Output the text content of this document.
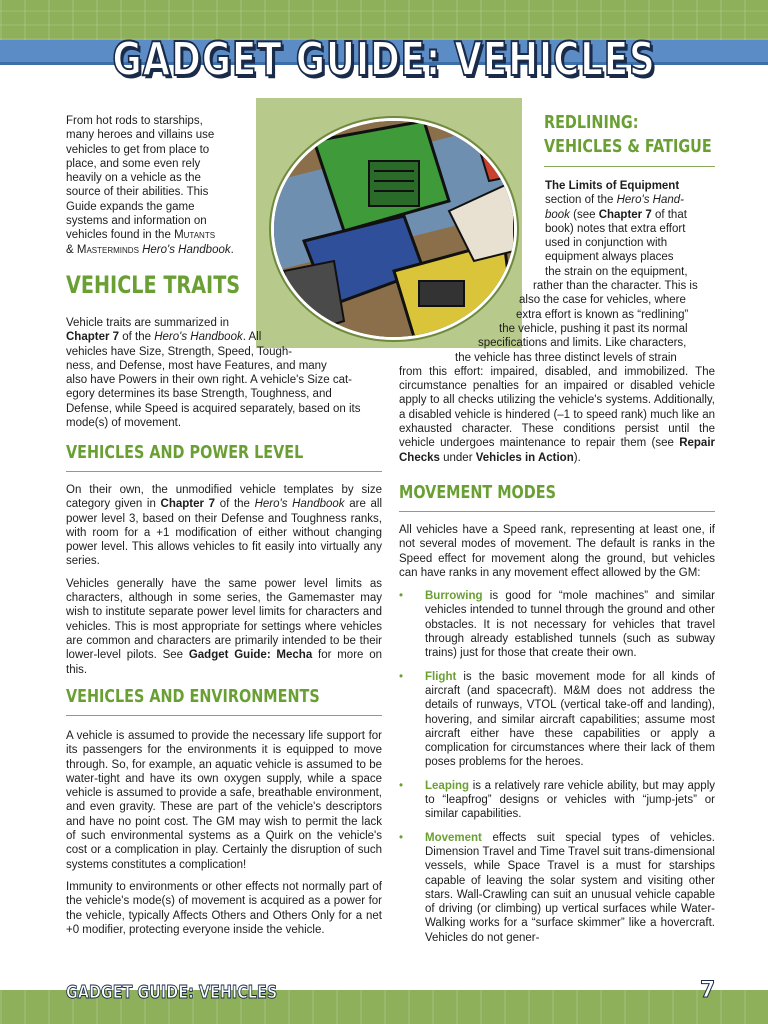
GADGET GUIDE: VEHICLES
From hot rods to starships,
many heroes and villains use
vehicles to get from place to
place, and some even rely
heavily on a vehicle as the
source of their abilities. This
Guide expands the game
systems and information on
vehicles found in the Mutants
& Masterminds Hero's Handbook.
VEHICLE TRAITS
Vehicle traits are summarized in
Chapter 7 of the Hero's Handbook. All
vehicles have Size, Strength, Speed, Tough-
ness, and Defense, most have Features, and many
also have Powers in their own right. A vehicle's Size cat-
egory determines its base Strength, Toughness, and
Defense, while Speed is acquired separately, based on its
mode(s) of movement.
VEHICLES AND POWER LEVEL

On their own, the unmodified vehicle templates by size category given in Chapter 7 of the Hero's Handbook are all power level 3, based on their Defense and Toughness ranks, with room for a +1 modification of either without changing power level. This allows vehicles to fit easily into virtually any series.

Vehicles generally have the same power level limits as characters, although in some series, the Gamemaster may wish to institute separate power level limits for characters and vehicles. This is most appropriate for settings where vehicles are common and characters are primarily intended to be their lower-level pilots. See Gadget Guide: Mecha for more on this.

VEHICLES AND ENVIRONMENTS

A vehicle is assumed to provide the necessary life support for its passengers for the environments it is equipped to move through. So, for example, an aquatic vehicle is assumed to be water-tight and have its own oxygen supply, while a space vehicle is assumed to provide a safe, breathable environment, and even gravity. These are part of the vehicle's descriptors and have no point cost. The GM may wish to permit the lack of such environmental systems as a Quirk on the vehicle's cost or a complication in play. Certainly the disruption of such systems constitutes a complication!

Immunity to environments or other effects not normally part of the vehicle's mode(s) of movement is acquired as a power for the vehicle, typically Affects Others and Others Only for a net +0 modifier, protecting everyone inside the vehicle.

REDLINING:
VEHICLES & FATIGUE
The Limits of Equipment
section of the Hero's Hand-
book (see Chapter 7 of that
book) notes that extra effort
used in conjunction with
equipment always places
the strain on the equipment,
rather than the character. This is
also the case for vehicles, where
extra effort is known as “redlining”
the vehicle, pushing it past its normal
specifications and limits. Like characters,
the vehicle has three distinct levels of strain

from this effort: impaired, disabled, and immobilized. The circumstance penalties for an impaired or disabled vehicle apply to all checks utilizing the vehicle's systems. Additionally, a disabled vehicle is hindered (–1 to speed rank) much like an exhausted character. These conditions persist until the vehicle undergoes maintenance to repair them (see Repair Checks under Vehicles in Action).

MOVEMENT MODES

All vehicles have a Speed rank, representing at least one, if not several modes of movement. The default is ranks in the Speed effect for movement along the ground, but vehicles can have ranks in any movement effect allowed by the GM:

• Burrowing is good for “mole machines” and similar vehicles intended to tunnel through the ground and other obstacles. It is not necessary for vehicles that travel through already established tunnels (such as subway trains) just for those that create their own.
• Flight is the basic movement mode for all kinds of aircraft (and spacecraft). M&M does not address the details of runways, VTOL (vertical take-off and landing), hovering, and similar aircraft capabilities; assume most aircraft either have these capabilities or apply a complication for circumstances where their lack of them poses problems for the heroes.
• Leaping is a relatively rare vehicle ability, but may apply to “leapfrog” designs or vehicles with “jump-jets” or similar capabilities.
• Movement effects suit special types of vehicles. Dimension Travel and Time Travel suit trans-dimensional vessels, while Space Travel is a must for starships capable of leaving the solar system and visiting other stars. Wall-Crawling can suit an unusual vehicle capable of driving (or climbing) up vertical surfaces while Water-Walking works for a “surface skimmer” like a hovercraft. Vehicles do not gener-
GADGET GUIDE: VEHICLES	7
